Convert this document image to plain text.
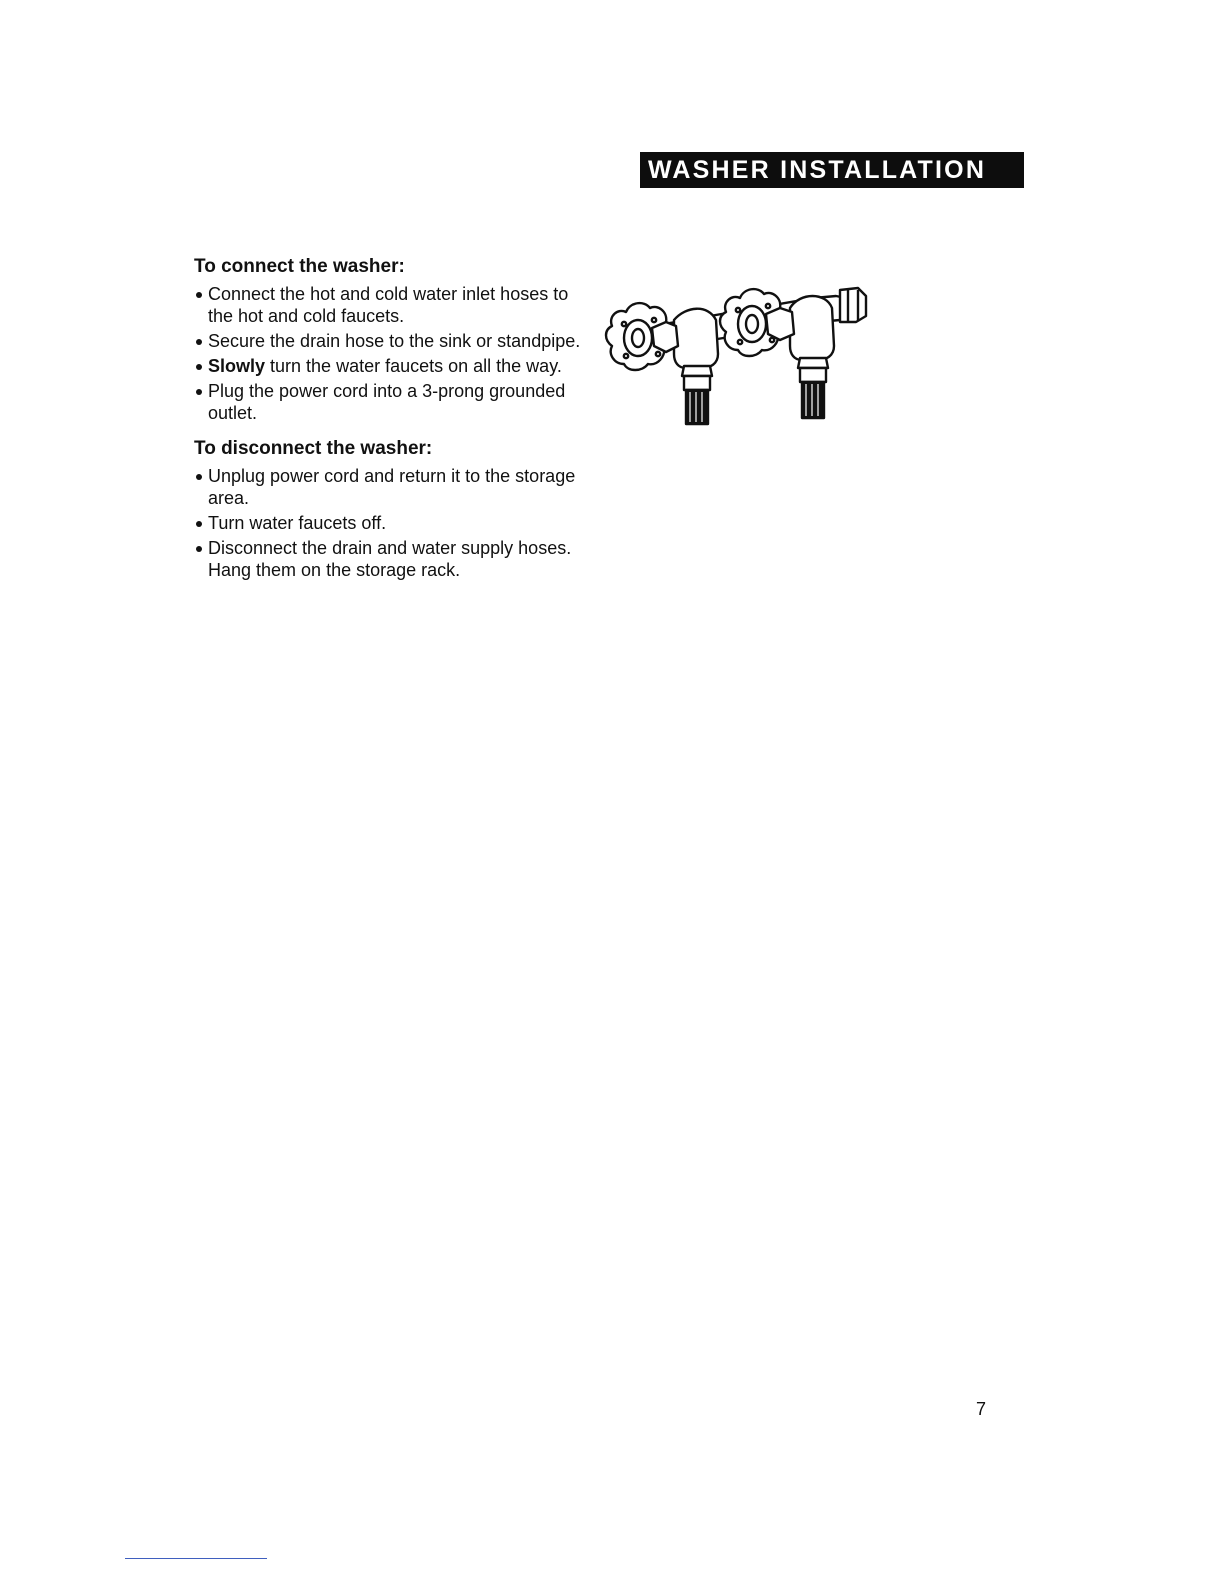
WASHER INSTALLATION
To connect the washer:
Connect the hot and cold water inlet hoses to the hot and cold faucets.
Secure the drain hose to the sink or standpipe.
Slowly turn the water faucets on all the way.
Plug the power cord into a 3-prong grounded outlet.
To disconnect the washer:
Unplug power cord and return it to the storage area.
Turn water faucets off.
Disconnect the drain and water supply hoses. Hang them on the storage rack.
7
